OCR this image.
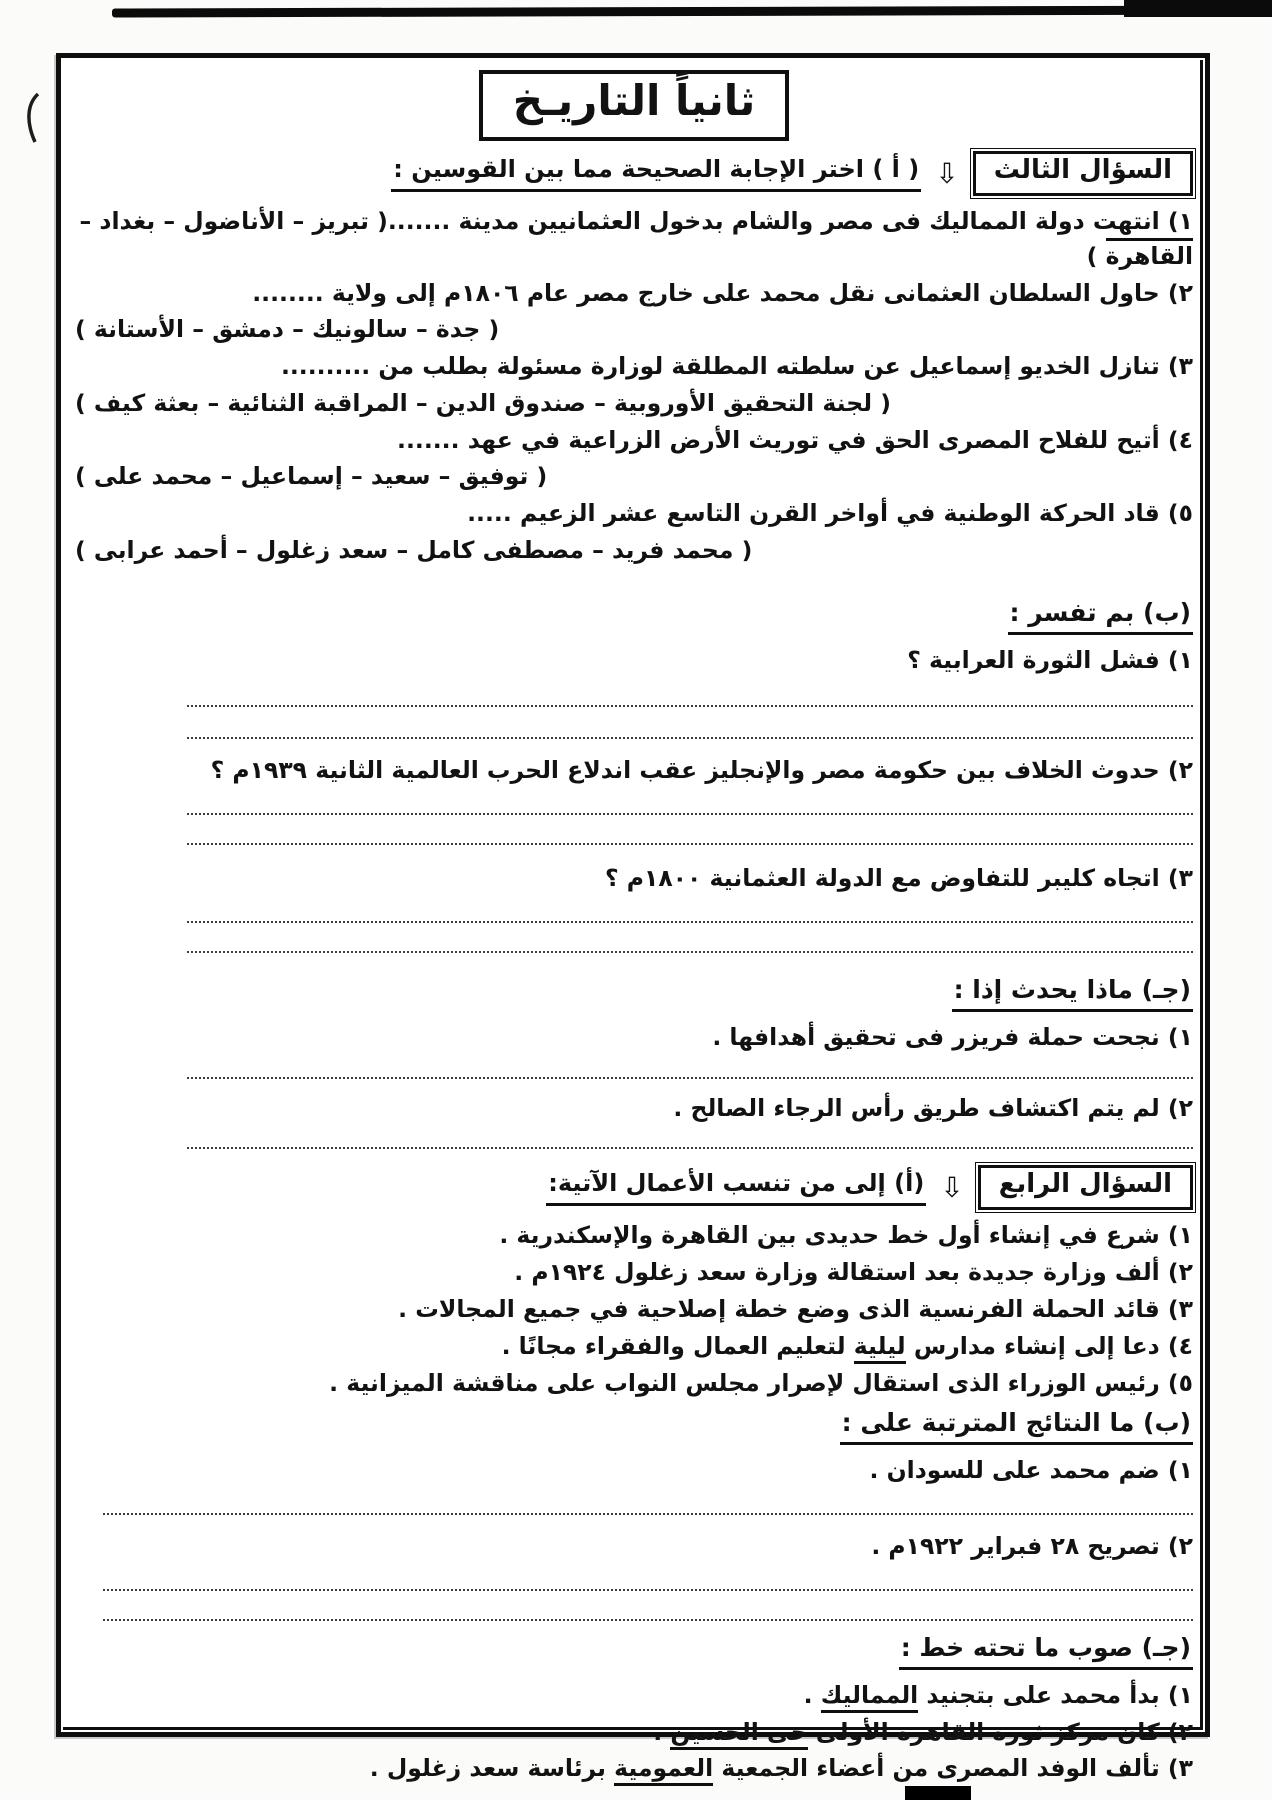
ثانياً التاريـخ
السؤال الثالث
⇩
( أ ) اختر الإجابة الصحيحة مما بين القوسين :
١) انتهت دولة المماليك فى مصر والشام بدخول العثمانيين مدينة .......( تبريز – الأناضول – بغداد – القاهرة )
٢) حاول السلطان العثمانى نقل محمد على خارج مصر عام ١٨٠٦م إلى ولاية ........
( جدة – سالونيك – دمشق – الأستانة )
٣) تنازل الخديو إسماعيل عن سلطته المطلقة لوزارة مسئولة بطلب من ..........
( لجنة التحقيق الأوروبية – صندوق الدين – المراقبة الثنائية – بعثة كيف )
٤) أتيح للفلاح المصرى الحق في توريث الأرض الزراعية في عهد .......
( توفيق – سعيد – إسماعيل – محمد على )
٥) قاد الحركة الوطنية في أواخر القرن التاسع عشر الزعيم .....
( محمد فريد – مصطفى كامل – سعد زغلول – أحمد عرابى )
(ب) بم تفسر :
١) فشل الثورة العرابية ؟
٢) حدوث الخلاف بين حكومة مصر والإنجليز عقب اندلاع الحرب العالمية الثانية ١٩٣٩م ؟
٣) اتجاه كليبر للتفاوض مع الدولة العثمانية ١٨٠٠م ؟
(جـ) ماذا يحدث إذا :
١) نجحت حملة فريزر فى تحقيق أهدافها .
٢) لم يتم اكتشاف طريق رأس الرجاء الصالح .
السؤال الرابع
⇩
(أ) إلى من تنسب الأعمال الآتية:
١) شرع في إنشاء أول خط حديدى بين القاهرة والإسكندرية .
٢) ألف وزارة جديدة بعد استقالة وزارة سعد زغلول ١٩٢٤م .
٣) قائد الحملة الفرنسية الذى وضع خطة إصلاحية في جميع المجالات .
٤) دعا إلى إنشاء مدارس ليلية لتعليم العمال والفقراء مجانًا .
٥) رئيس الوزراء الذى استقال لإصرار مجلس النواب على مناقشة الميزانية .
(ب) ما النتائج المترتبة على :
١) ضم محمد على للسودان .
٢) تصريح ٢٨ فبراير ١٩٢٢م .
(جـ) صوب ما تحته خط :
١) بدأ محمد على بتجنيد المماليك .
٢) كان مركز ثورة القاهرة الأولى حى الحسين .
٣) تألف الوفد المصرى من أعضاء الجمعية العمومية برئاسة سعد زغلول .
